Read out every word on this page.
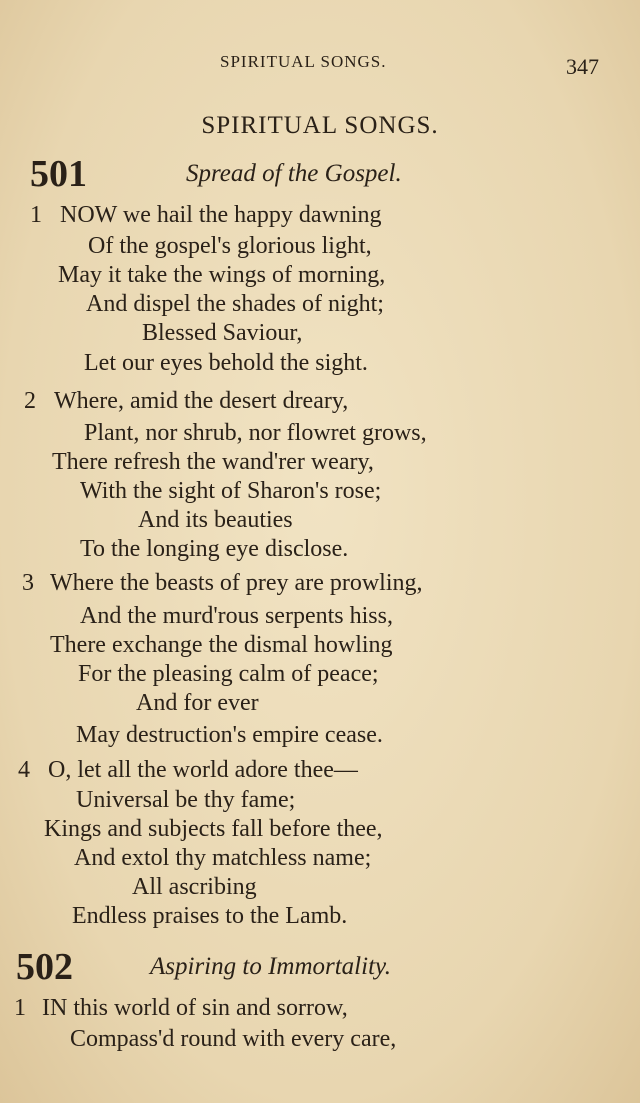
SPIRITUAL SONGS.	347
SPIRITUAL SONGS.
501	Spread of the Gospel.
1 NOW we hail the happy dawning
Of the gospel's glorious light,
May it take the wings of morning,
And dispel the shades of night;
Blessed Saviour,
Let our eyes behold the sight.
2 Where, amid the desert dreary,
Plant, nor shrub, nor flowret grows,
There refresh the wand'rer weary,
With the sight of Sharon's rose;
And its beauties
To the longing eye disclose.
3 Where the beasts of prey are prowling,
And the murd'rous serpents hiss,
There exchange the dismal howling
For the pleasing calm of peace;
And for ever
May destruction's empire cease.
4 O, let all the world adore thee—
Universal be thy fame;
Kings and subjects fall before thee,
And extol thy matchless name;
All ascribing
Endless praises to the Lamb.
502	Aspiring to Immortality.
1 IN this world of sin and sorrow,
Compass'd round with every care,
